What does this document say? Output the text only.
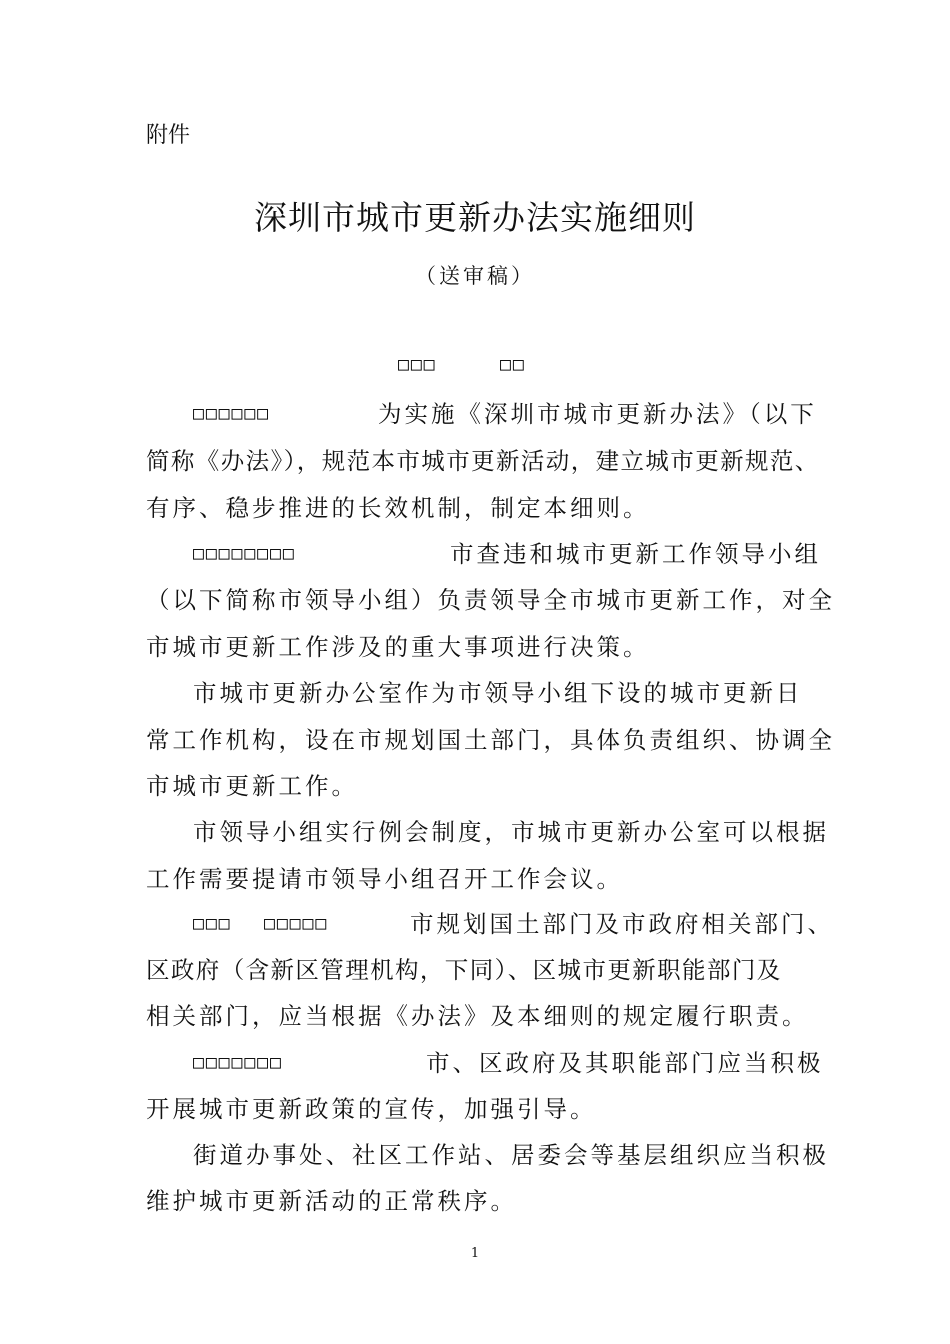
附件
深圳市城市更新办法实施细则
（送审稿）
□□□	□□
□□□□□□	为实施《深圳市城市更新办法》（以下
简称《办法》），规范本市城市更新活动，建立城市更新规范、
有序、稳步推进的长效机制，制定本细则。
□□□□□□□□	市查违和城市更新工作领导小组
（以下简称市领导小组）负责领导全市城市更新工作，对全
市城市更新工作涉及的重大事项进行决策。
市城市更新办公室作为市领导小组下设的城市更新日
常工作机构，设在市规划国土部门，具体负责组织、协调全
市城市更新工作。
市领导小组实行例会制度，市城市更新办公室可以根据
工作需要提请市领导小组召开工作会议。
□□□ □□□□□	市规划国土部门及市政府相关部门、
区政府（含新区管理机构，下同）、区城市更新职能部门及
相关部门，应当根据《办法》及本细则的规定履行职责。
□□□□□□□	市、区政府及其职能部门应当积极
开展城市更新政策的宣传，加强引导。
街道办事处、社区工作站、居委会等基层组织应当积极
维护城市更新活动的正常秩序。
1
